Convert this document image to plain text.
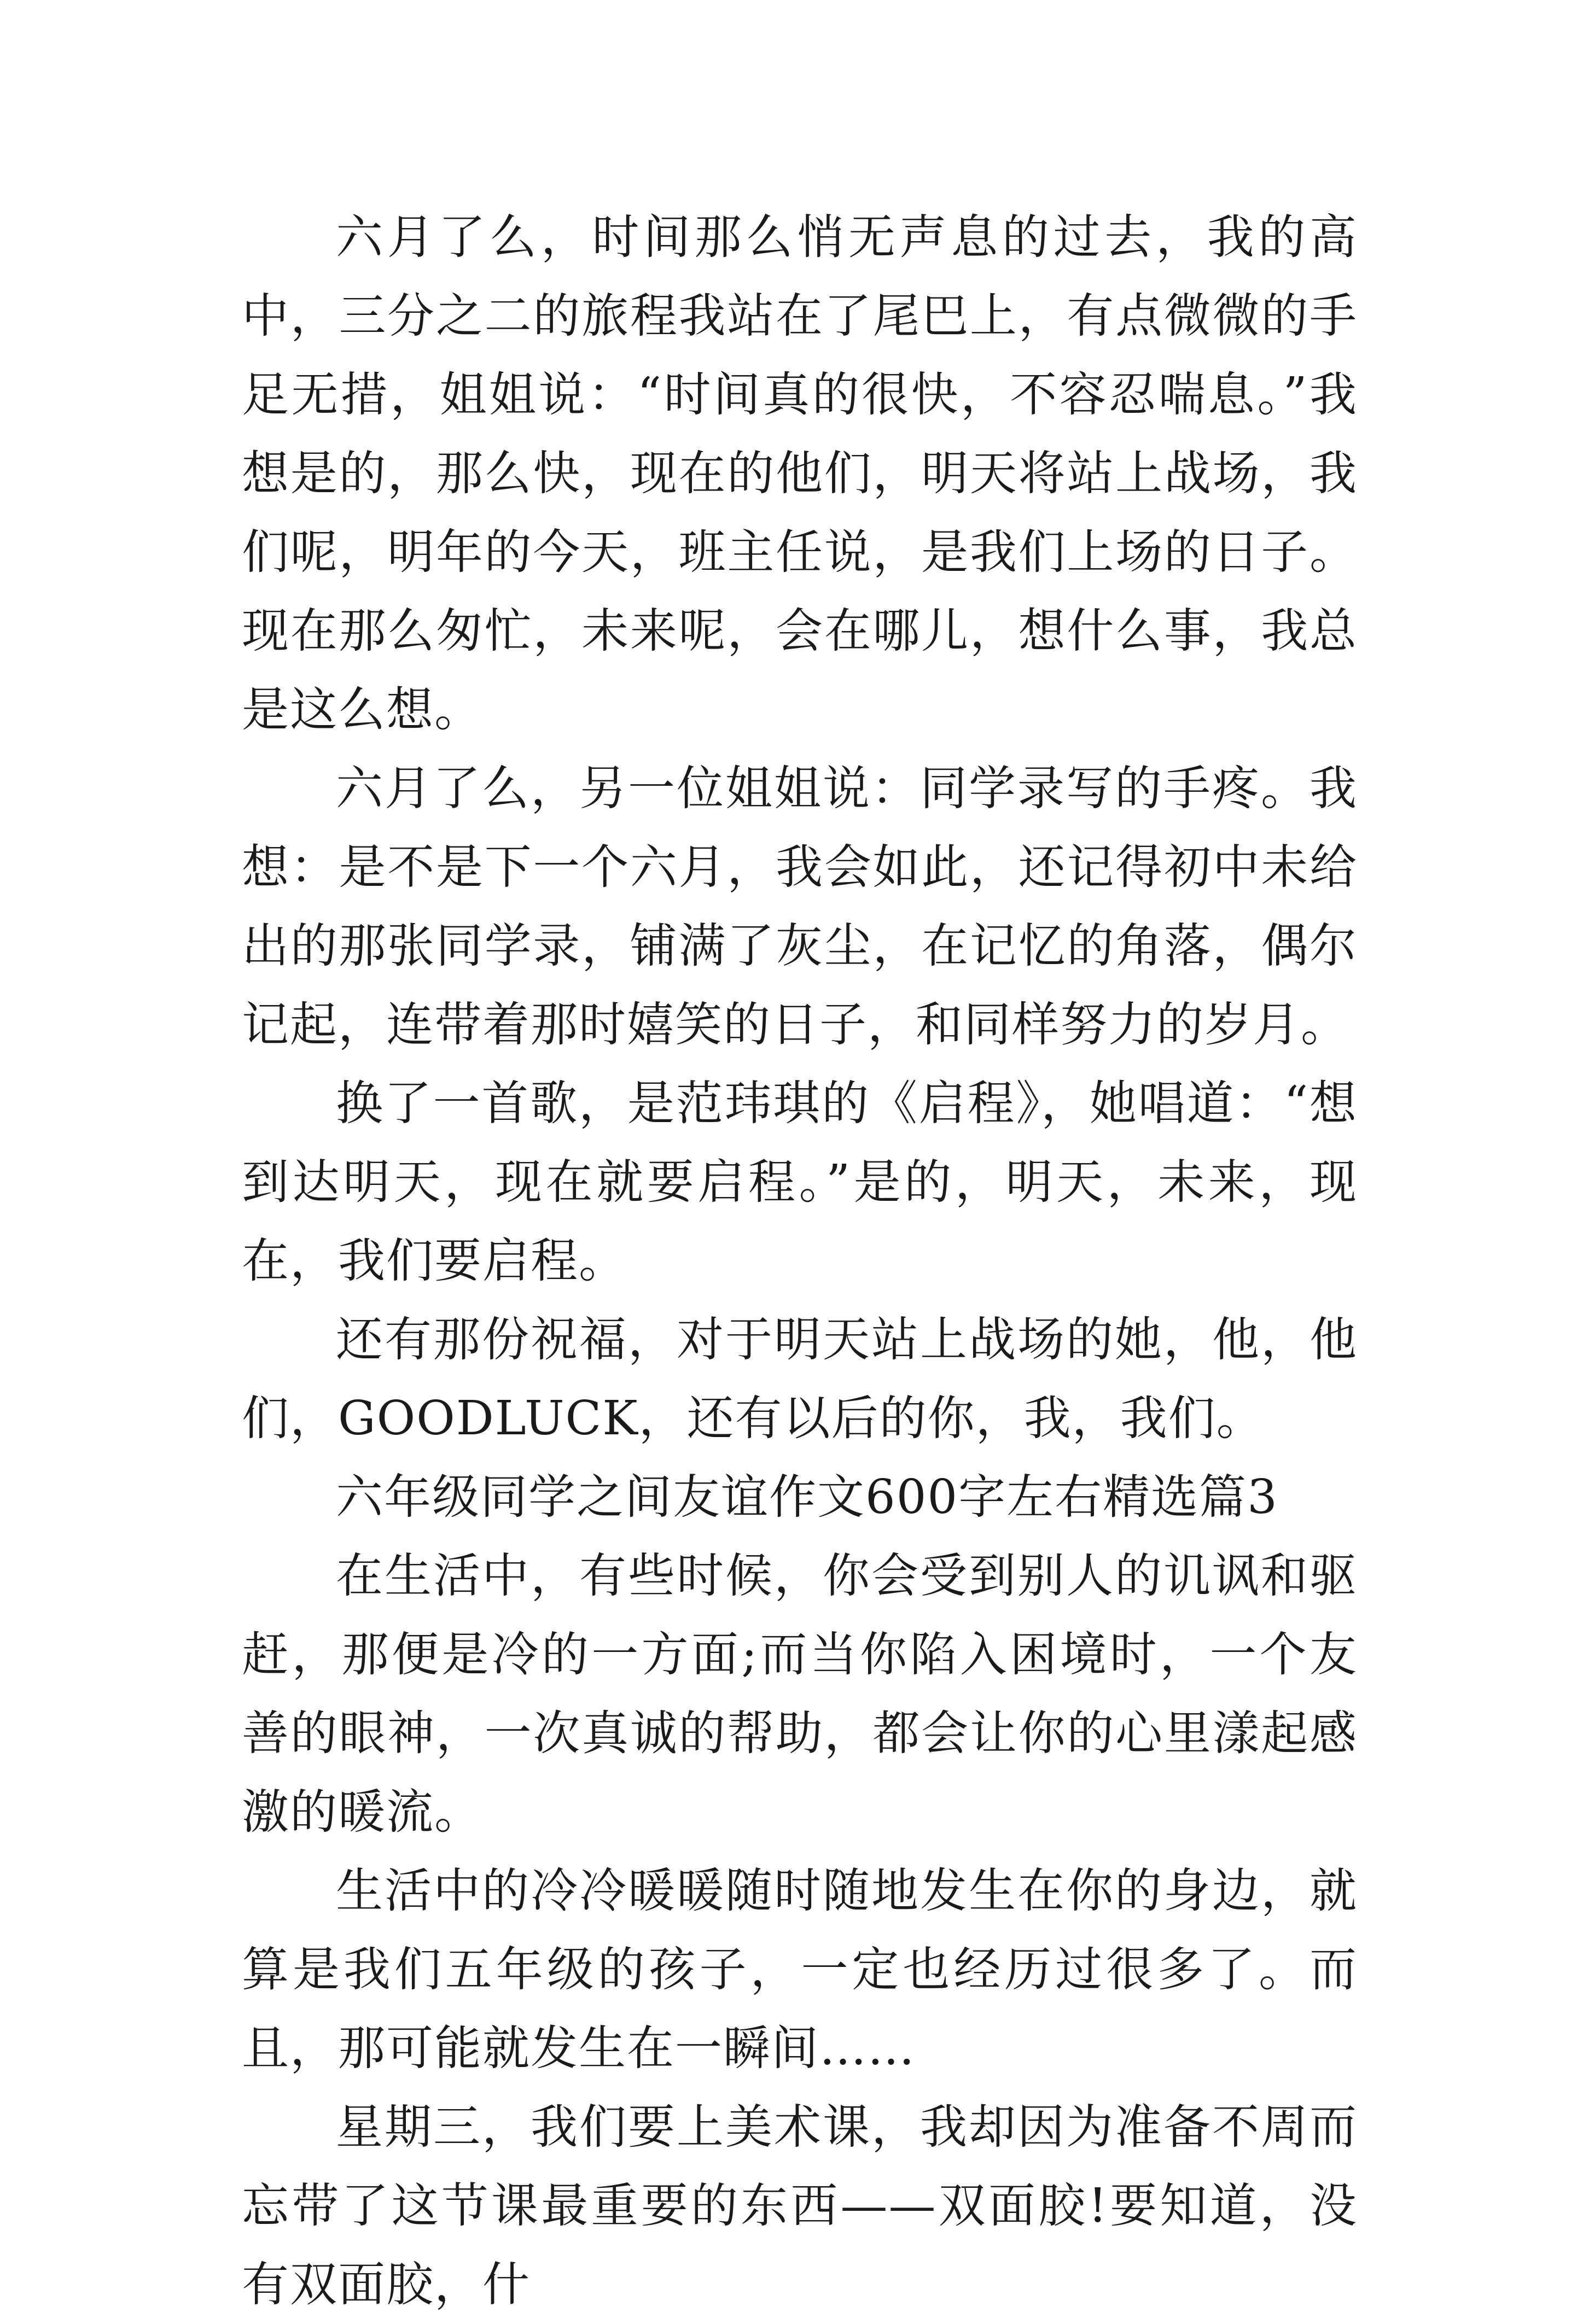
六月了么，时间那么悄无声息的过去，我的高中，三分之二的旅程我站在了尾巴上，有点微微的手足无措，姐姐说：“时间真的很快，不容忍喘息。”我想是的，那么快，现在的他们，明天将站上战场，我们呢，明年的今天，班主任说，是我们上场的日子。现在那么匆忙，未来呢，会在哪儿，想什么事，我总是这么想。

六月了么，另一位姐姐说：同学录写的手疼。我想：是不是下一个六月，我会如此，还记得初中未给出的那张同学录，铺满了灰尘，在记忆的角落，偶尔记起，连带着那时嬉笑的日子，和同样努力的岁月。

换了一首歌，是范玮琪的《启程》，她唱道：“想到达明天，现在就要启程。”是的，明天，未来，现在，我们要启程。

还有那份祝福，对于明天站上战场的她，他，他们，GOODLUCK，还有以后的你，我，我们。

六年级同学之间友谊作文600字左右精选篇3

在生活中，有些时候，你会受到别人的讥讽和驱赶，那便是冷的一方面;而当你陷入困境时，一个友善的眼神，一次真诚的帮助，都会让你的心里漾起感激的暖流。

生活中的冷冷暖暖随时随地发生在你的身边，就算是我们五年级的孩子，一定也经历过很多了。而且，那可能就发生在一瞬间……

星期三，我们要上美术课，我却因为准备不周而忘带了这节课最重要的东西——双面胶!要知道，没有双面胶，什
